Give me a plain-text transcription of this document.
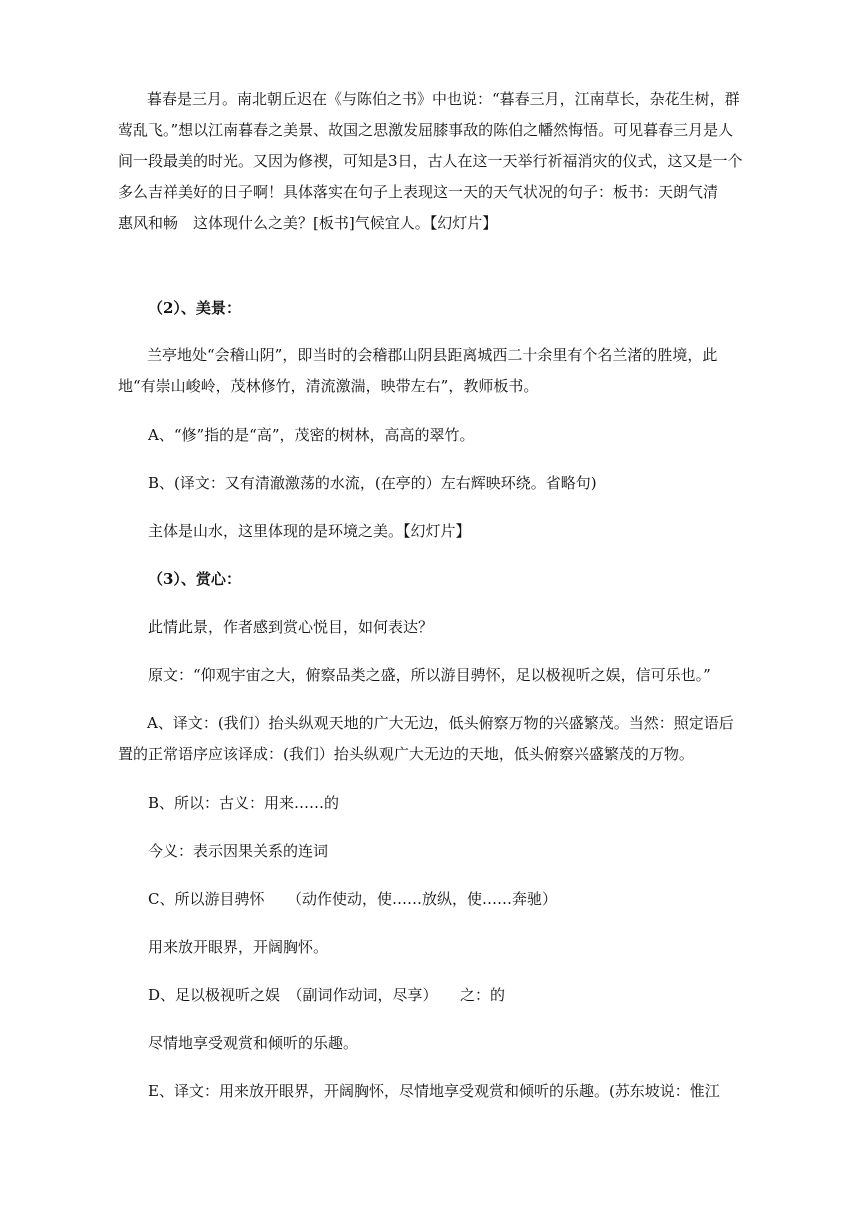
暮春是三月。南北朝丘迟在《与陈伯之书》中也说：“暮春三月，江南草长，杂花生树，群莺乱飞。”想以江南暮春之美景、故国之思激发屈膝事敌的陈伯之幡然悔悟。可见暮春三月是人间一段最美的时光。又因为修禊，可知是3日，古人在这一天举行祈福消灾的仪式，这又是一个多么吉祥美好的日子啊！具体落实在句子上表现这一天的天气状况的句子：板书：天朗气清　　惠风和畅　这体现什么之美？[板书]气候宜人。【幻灯片】

（2）、美景：

兰亭地处“会稽山阴”，即当时的会稽郡山阴县距离城西二十余里有个名兰渚的胜境，此地“有崇山峻岭，茂林修竹，清流激湍，映带左右”，教师板书。

A、“修”指的是“高”，茂密的树林，高高的翠竹。

B、(译文：又有清澈激荡的水流，(在亭的）左右辉映环绕。省略句)

主体是山水，这里体现的是环境之美。【幻灯片】

（3）、赏心：

此情此景，作者感到赏心悦目，如何表达？

原文：“仰观宇宙之大，俯察品类之盛，所以游目骋怀，足以极视听之娱，信可乐也。”

A、译文：(我们）抬头纵观天地的广大无边，低头俯察万物的兴盛繁茂。当然：照定语后置的正常语序应该译成：(我们）抬头纵观广大无边的天地，低头俯察兴盛繁茂的万物。

B、所以：古义：用来……的

今义：表示因果关系的连词

C、所以游目骋怀　　（动作使动，使……放纵，使……奔驰）

用来放开眼界，开阔胸怀。

D、足以极视听之娱　（副词作动词，尽享）　　之：的

尽情地享受观赏和倾听的乐趣。

E、译文：用来放开眼界，开阔胸怀，尽情地享受观赏和倾听的乐趣。(苏东坡说：惟江
